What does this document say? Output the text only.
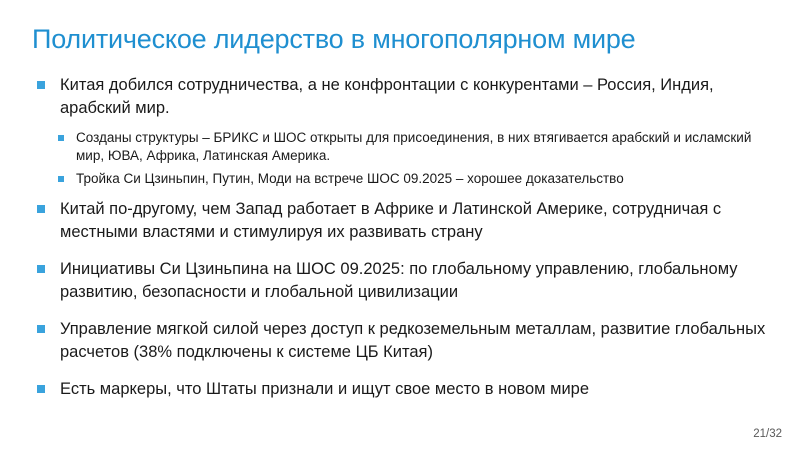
Политическое лидерство в многополярном мире
Китая добился сотрудничества, а не конфронтации с конкурентами – Россия, Индия, арабский мир.
Созданы структуры – БРИКС и ШОС открыты для присоединения, в них втягивается арабский и исламский мир, ЮВА, Африка, Латинская Америка.
Тройка Си Цзиньпин, Путин, Моди на встрече ШОС 09.2025 – хорошее доказательство
Китай по-другому, чем Запад работает в Африке и Латинской Америке, сотрудничая с местными властями и стимулируя их развивать страну
Инициативы Си Цзиньпина на ШОС 09.2025: по глобальному управлению, глобальному развитию, безопасности и глобальной цивилизации
Управление мягкой силой через доступ к редкоземельным металлам, развитие глобальных расчетов (38% подключены к системе ЦБ Китая)
Есть маркеры, что Штаты признали и ищут свое место в новом мире
21/32
